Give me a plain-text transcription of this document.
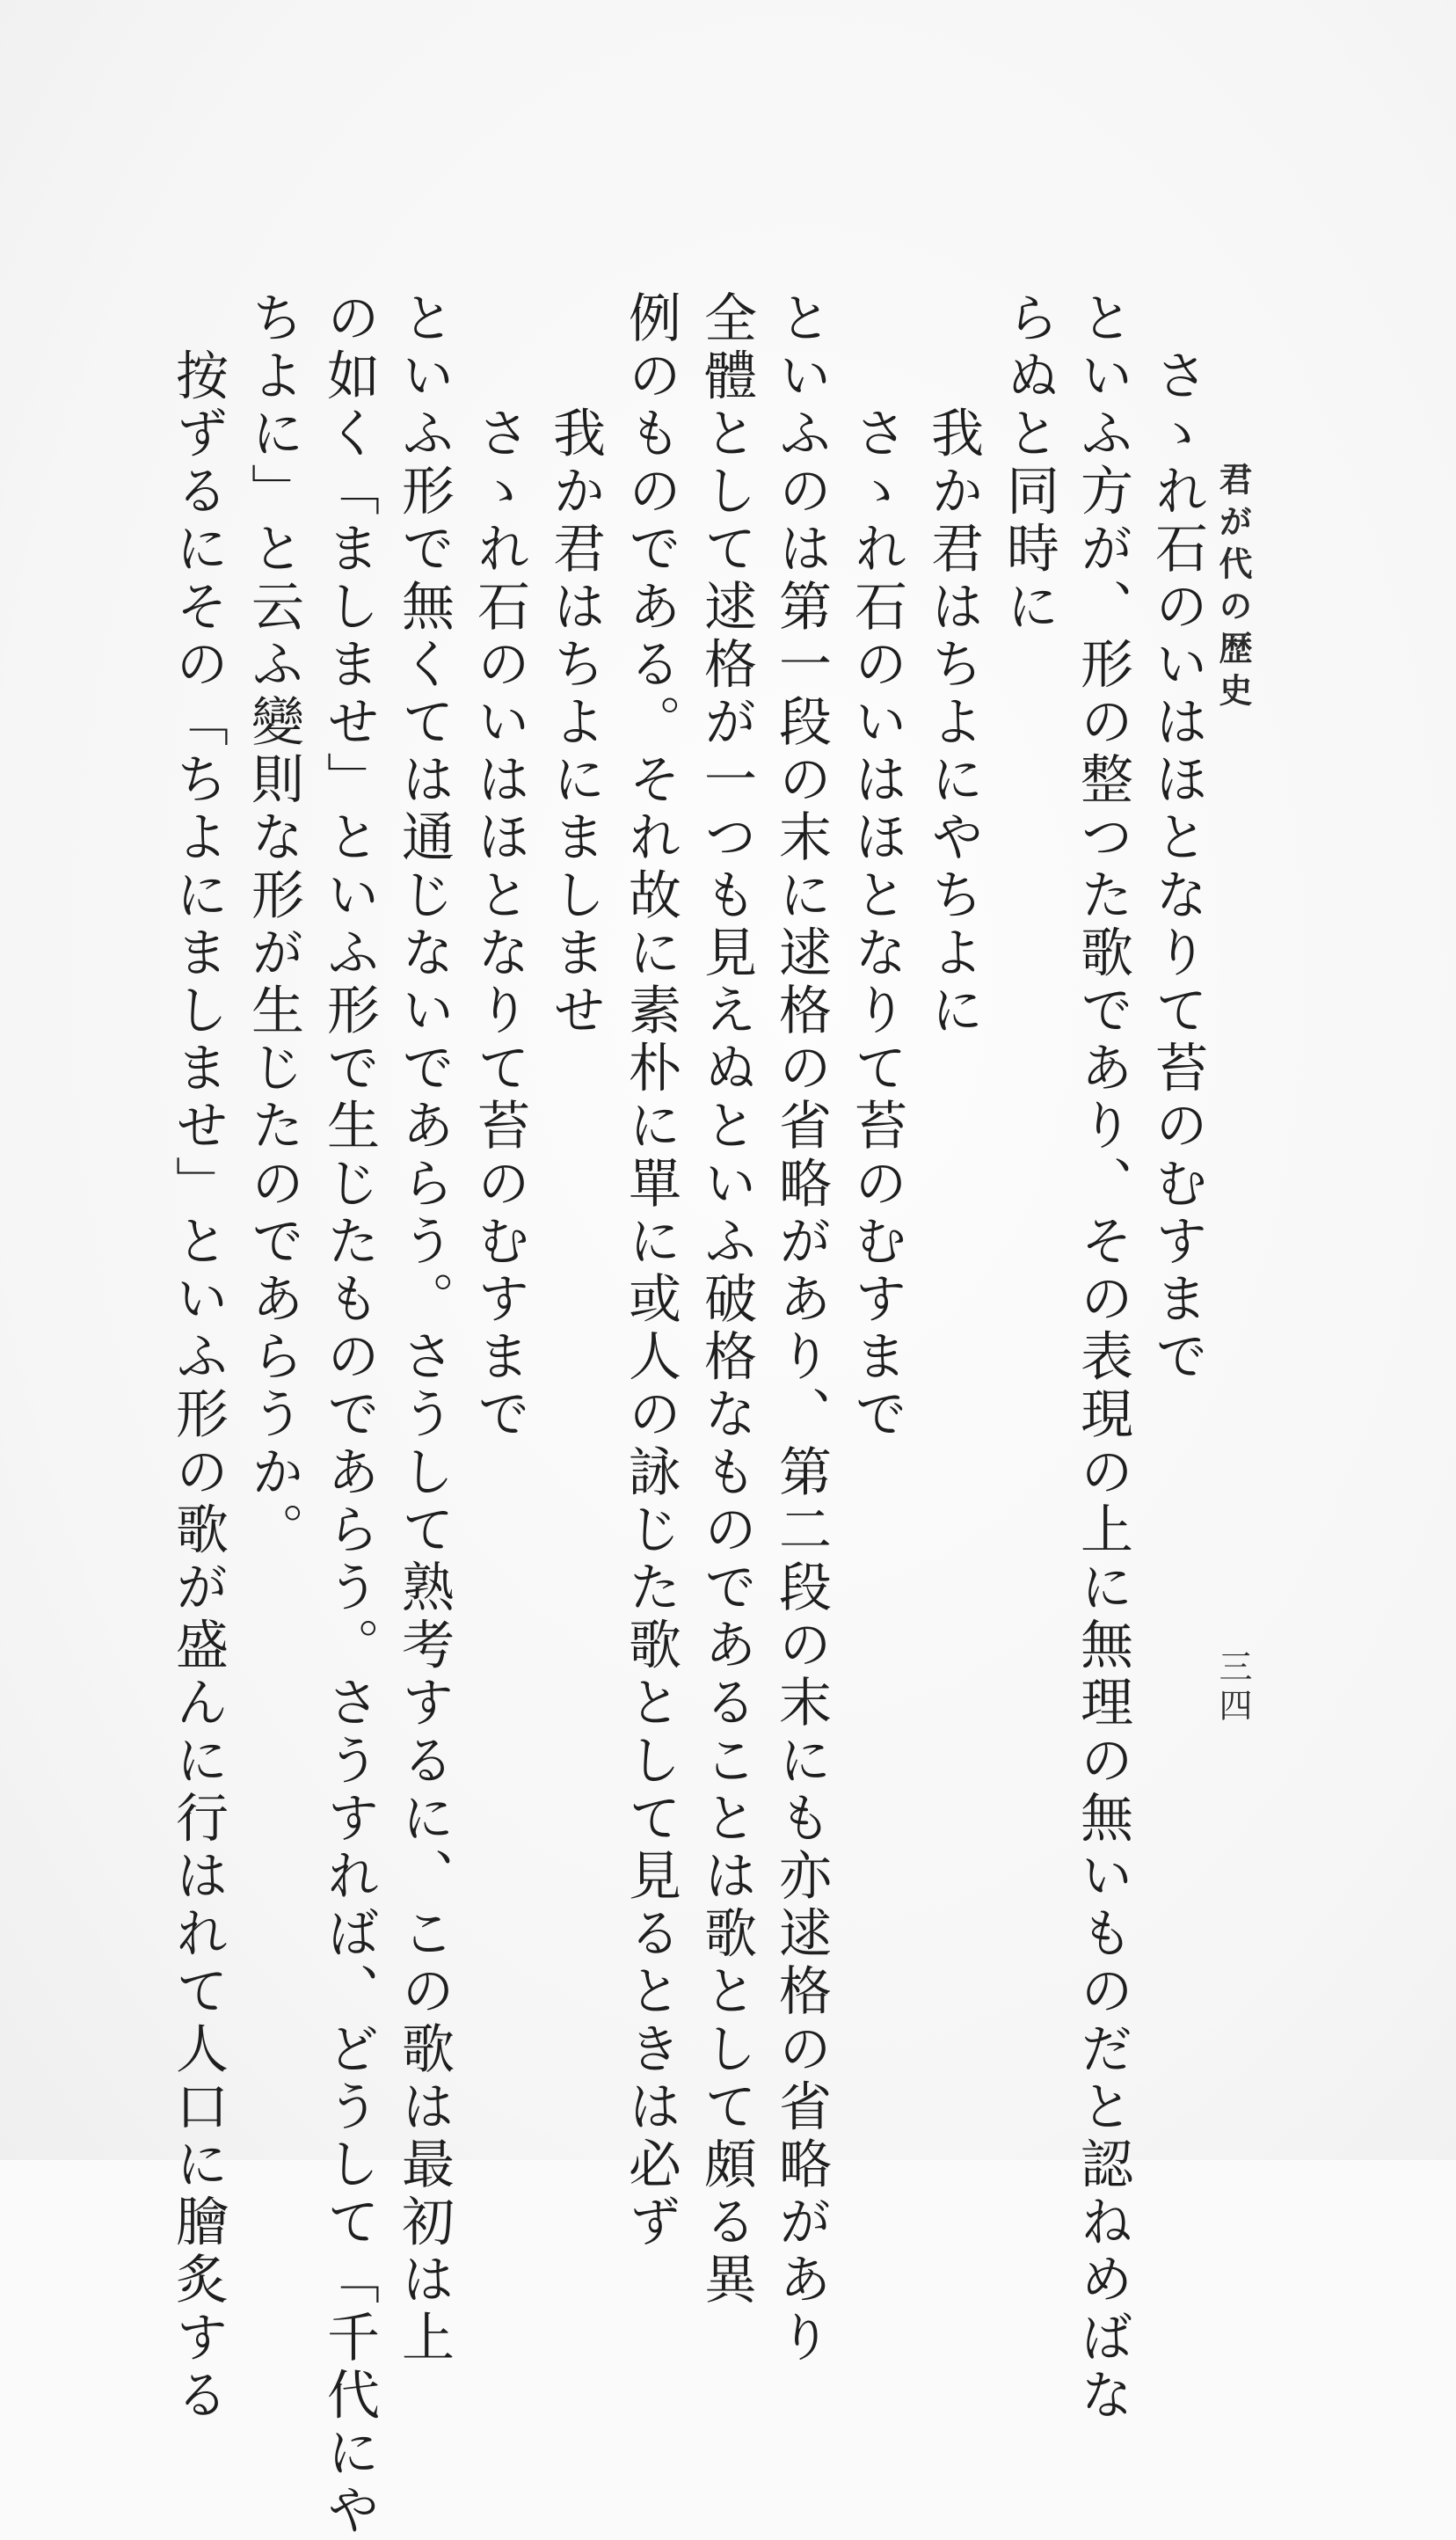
君が代の歴史
三四
　さゝれ石のいはほとなりて苔のむすまで
といふ方が、形の整つた歌であり、その表現の上に無理の無いものだと認ねめばな
らぬと同時に
　　我か君はちよにやちよに
　　さゝれ石のいはほとなりて苔のむすまで
といふのは第一段の末に逑格の省略があり、第二段の末にも亦逑格の省略があり
全體として逑格が一つも見えぬといふ破格なものであることは歌として頗る異
例のものである。それ故に素朴に單に或人の詠じた歌として見るときは必ず
　　我か君はちよにましませ
　　さゝれ石のいはほとなりて苔のむすまで
といふ形で無くては通じないであらう。さうして熟考するに、この歌は最初は上
の如く「ましませ」といふ形で生じたものであらう。さうすれば、どうして「千代にや
ちよに」と云ふ變則な形が生じたのであらうか。
　按ずるにその「ちよにましませ」といふ形の歌が盛んに行はれて人口に膾炙する
